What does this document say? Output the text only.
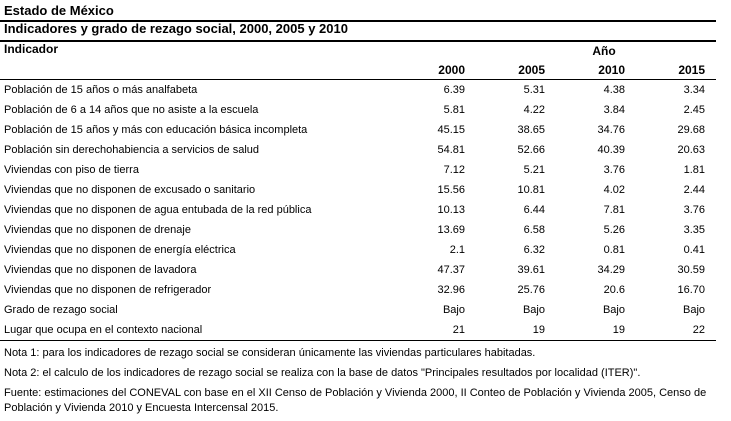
Estado de México
Indicadores y grado de rezago social, 2000, 2005 y 2010
Indicador	Año			
	2000	2005	2010	2015
Población de 15 años o más analfabeta	6.39	5.31	4.38	3.34
Población de 6 a 14 años que no asiste a la escuela	5.81	4.22	3.84	2.45
Población de 15 años y más con educación básica incompleta	45.15	38.65	34.76	29.68
Población sin derechohabiencia a servicios de salud	54.81	52.66	40.39	20.63
Viviendas con piso de tierra	7.12	5.21	3.76	1.81
Viviendas que no disponen de excusado o sanitario	15.56	10.81	4.02	2.44
Viviendas que no disponen de agua entubada de la red pública	10.13	6.44	7.81	3.76
Viviendas que no disponen de drenaje	13.69	6.58	5.26	3.35
Viviendas que no disponen de energía eléctrica	2.1	6.32	0.81	0.41
Viviendas que no disponen de lavadora	47.37	39.61	34.29	30.59
Viviendas que no disponen de refrigerador	32.96	25.76	20.6	16.70
Grado de rezago social	Bajo	Bajo	Bajo	Bajo
Lugar que ocupa en el contexto nacional	21	19	19	22
Nota 1: para los indicadores de rezago social se consideran únicamente las viviendas particulares habitadas.
Nota 2: el calculo de los indicadores de rezago social se realiza con la base de datos "Principales resultados por localidad (ITER)".
Fuente: estimaciones del CONEVAL con base en el XII Censo de Población y Vivienda 2000, II Conteo de Población y Vivienda 2005, Censo de Población y Vivienda 2010 y Encuesta Intercensal 2015.
